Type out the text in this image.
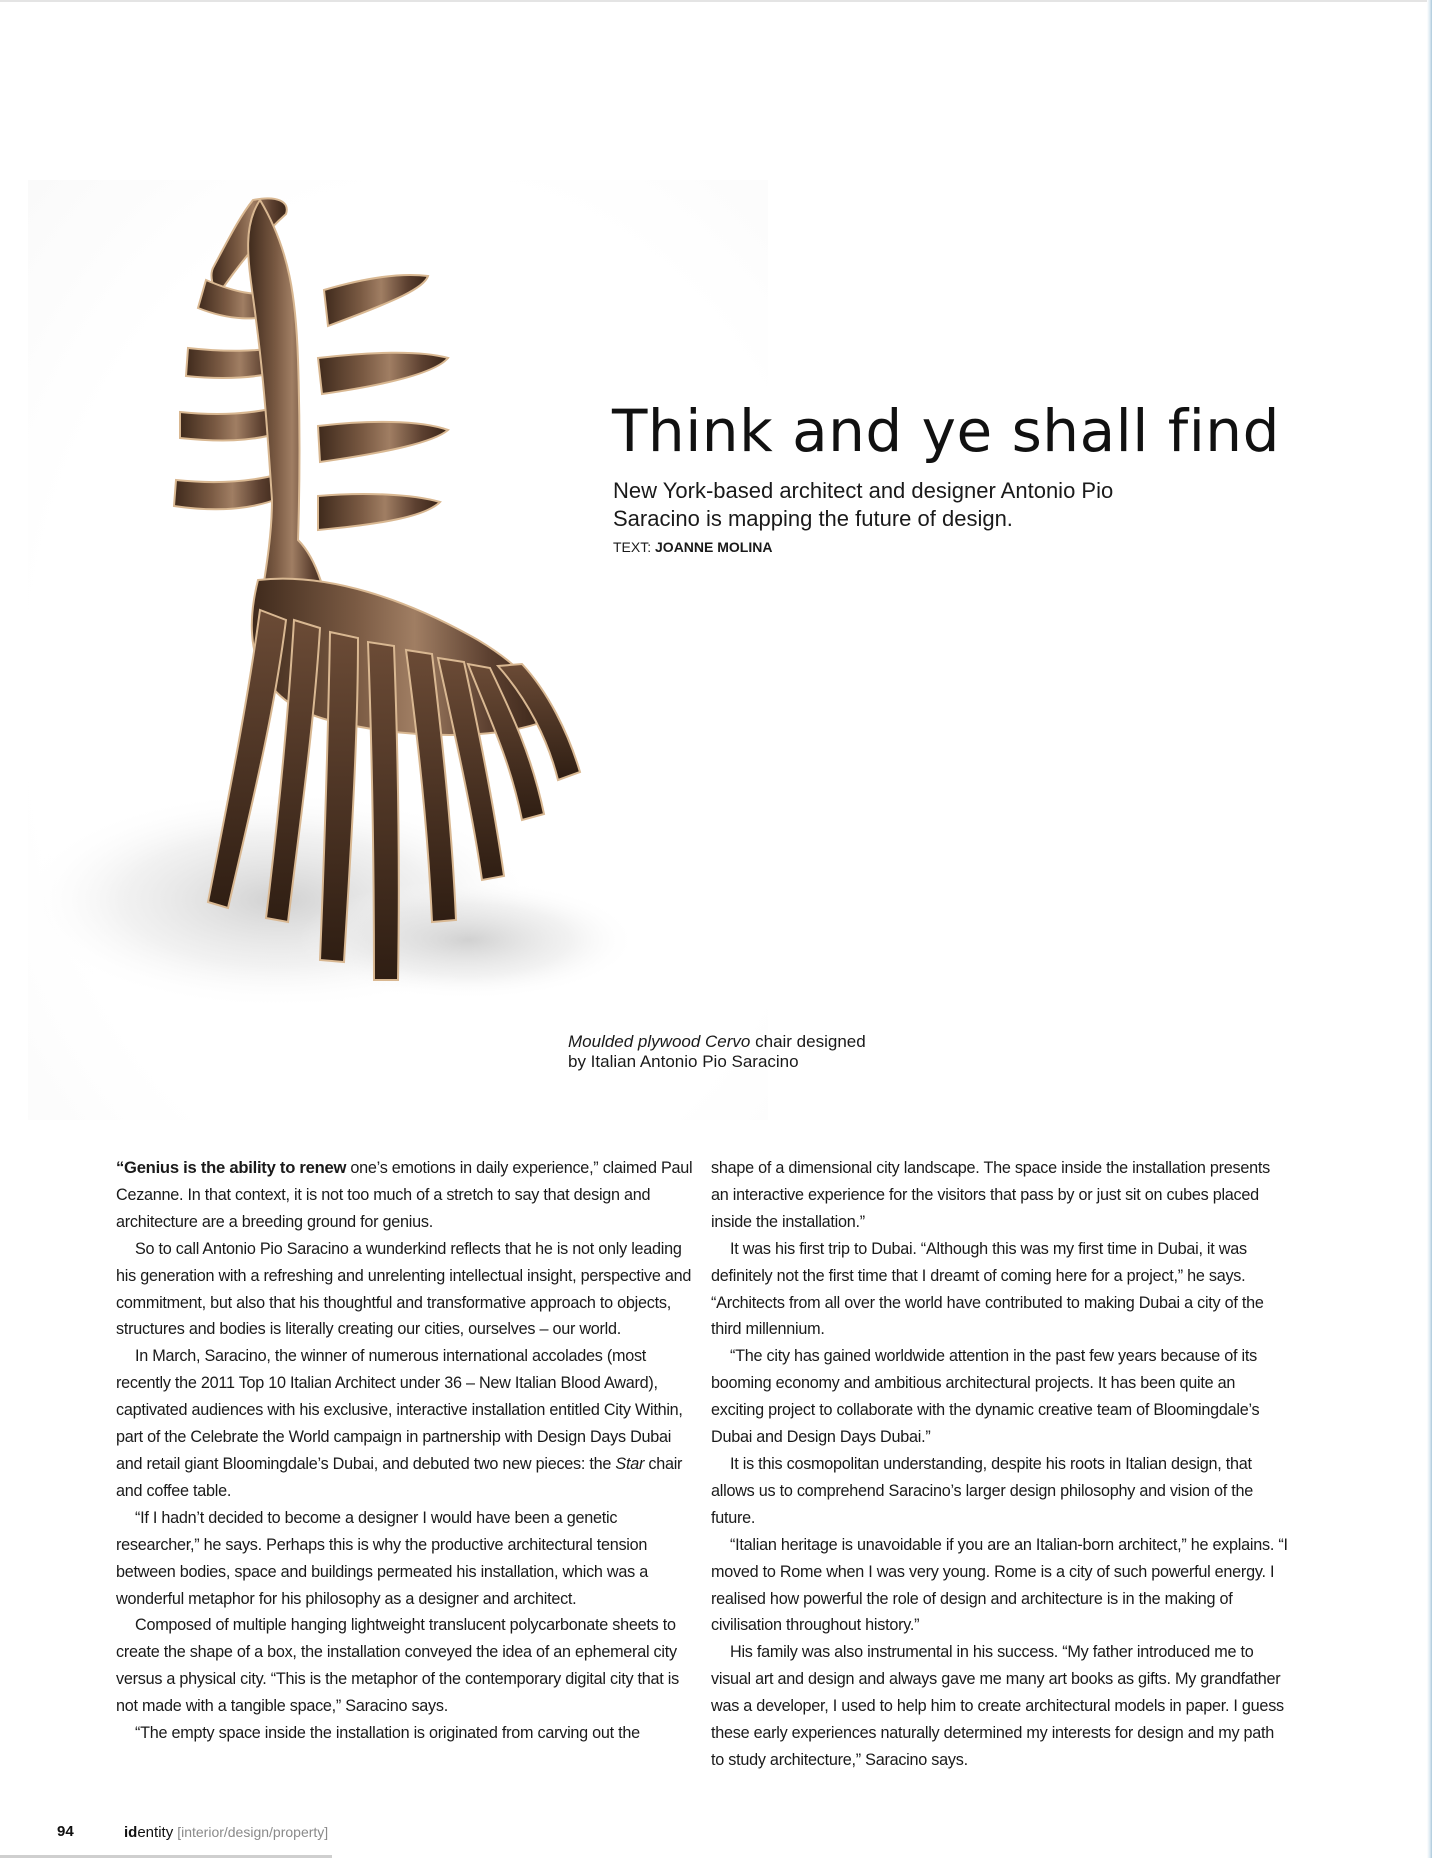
Think and ye shall find

New York-based architect and designer Antonio Pio Saracino is mapping the future of design.

TEXT: JOANNE MOLINA

Moulded plywood Cervo chair designed by Italian Antonio Pio Saracino

“Genius is the ability to renew one’s emotions in daily experience,” claimed Paul Cezanne. In that context, it is not too much of a stretch to say that design and architecture are a breeding ground for genius.

So to call Antonio Pio Saracino a wunderkind reflects that he is not only leading his generation with a refreshing and unrelenting intellectual insight, perspective and commitment, but also that his thoughtful and transformative approach to objects, structures and bodies is literally creating our cities, ourselves – our world.

In March, Saracino, the winner of numerous international accolades (most recently the 2011 Top 10 Italian Architect under 36 – New Italian Blood Award), captivated audiences with his exclusive, interactive installation entitled City Within, part of the Celebrate the World campaign in partnership with Design Days Dubai and retail giant Bloomingdale’s Dubai, and debuted two new pieces: the Star chair and coffee table.

“If I hadn’t decided to become a designer I would have been a genetic researcher,” he says. Perhaps this is why the productive architectural tension between bodies, space and buildings permeated his installation, which was a wonderful metaphor for his philosophy as a designer and architect.

Composed of multiple hanging lightweight translucent polycarbonate sheets to create the shape of a box, the installation conveyed the idea of an ephemeral city versus a physical city. “This is the metaphor of the contemporary digital city that is not made with a tangible space,” Saracino says.

“The empty space inside the installation is originated from carving out the

shape of a dimensional city landscape. The space inside the installation presents an interactive experience for the visitors that pass by or just sit on cubes placed inside the installation.”

It was his first trip to Dubai. “Although this was my first time in Dubai, it was definitely not the first time that I dreamt of coming here for a project,” he says. “Architects from all over the world have contributed to making Dubai a city of the third millennium.

“The city has gained worldwide attention in the past few years because of its booming economy and ambitious architectural projects. It has been quite an exciting project to collaborate with the dynamic creative team of Bloomingdale’s Dubai and Design Days Dubai.”

It is this cosmopolitan understanding, despite his roots in Italian design, that allows us to comprehend Saracino’s larger design philosophy and vision of the future.

“Italian heritage is unavoidable if you are an Italian-born architect,” he explains. “I moved to Rome when I was very young. Rome is a city of such powerful energy. I realised how powerful the role of design and architecture is in the making of civilisation throughout history.”

His family was also instrumental in his success. “My father introduced me to visual art and design and always gave me many art books as gifts. My grandfather was a developer, I used to help him to create architectural models in paper. I guess these early experiences naturally determined my interests for design and my path to study architecture,” Saracino says.

94	identity [interior/design/property]
